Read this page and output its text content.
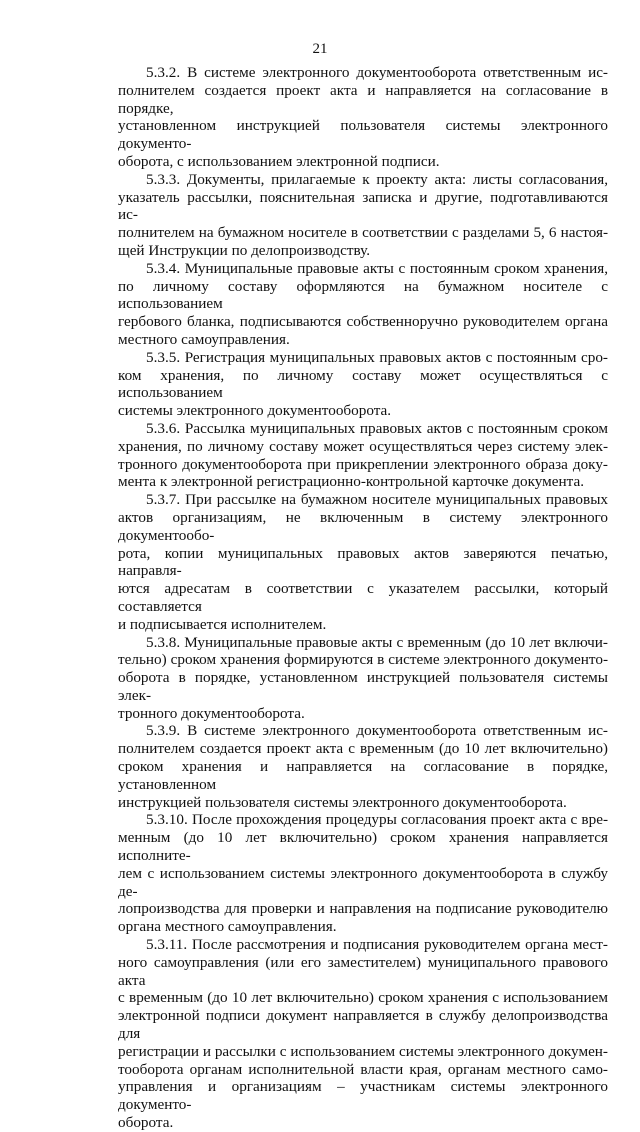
21
5.3.2. В системе электронного документооборота ответственным ис-
полнителем создается проект акта и направляется на согласование в порядке,
установленном инструкцией пользователя системы электронного документо-
оборота, с использованием электронной подписи.
5.3.3. Документы, прилагаемые к проекту акта: листы согласования,
указатель рассылки, пояснительная записка и другие, подготавливаются ис-
полнителем на бумажном носителе в соответствии с разделами 5, 6 настоя-
щей Инструкции по делопроизводству.
5.3.4. Муниципальные правовые акты с постоянным сроком хранения,
по личному составу оформляются на бумажном носителе с использованием
гербового бланка, подписываются собственноручно руководителем органа
местного самоуправления.
5.3.5. Регистрация муниципальных правовых актов с постоянным сро-
ком хранения, по личному составу может осуществляться с использованием
системы электронного документооборота.
5.3.6. Рассылка муниципальных правовых актов с постоянным сроком
хранения, по личному составу может осуществляться через систему элек-
тронного документооборота при прикреплении электронного образа доку-
мента к электронной регистрационно-контрольной карточке документа.
5.3.7. При рассылке на бумажном носителе муниципальных правовых
актов организациям, не включенным в систему электронного документообо-
рота, копии муниципальных правовых актов заверяются печатью, направля-
ются адресатам в соответствии с указателем рассылки, который составляется
и подписывается исполнителем.
5.3.8. Муниципальные правовые акты с временным (до 10 лет включи-
тельно) сроком хранения формируются в системе электронного документо-
оборота в порядке, установленном инструкцией пользователя системы элек-
тронного документооборота.
5.3.9. В системе электронного документооборота ответственным ис-
полнителем создается проект акта с временным (до 10 лет включительно)
сроком хранения и направляется на согласование в порядке, установленном
инструкцией пользователя системы электронного документооборота.
5.3.10. После прохождения процедуры согласования проект акта с вре-
менным (до 10 лет включительно) сроком хранения направляется исполните-
лем с использованием системы электронного документооборота в службу де-
лопроизводства для проверки и направления на подписание руководителю
органа местного самоуправления.
5.3.11. После рассмотрения и подписания руководителем органа мест-
ного самоуправления (или его заместителем) муниципального правового акта
с временным (до 10 лет включительно) сроком хранения с использованием
электронной подписи документ направляется в службу делопроизводства для
регистрации и рассылки с использованием системы электронного докумен-
тооборота органам исполнительной власти края, органам местного само-
управления и организациям – участникам системы электронного документо-
оборота.
